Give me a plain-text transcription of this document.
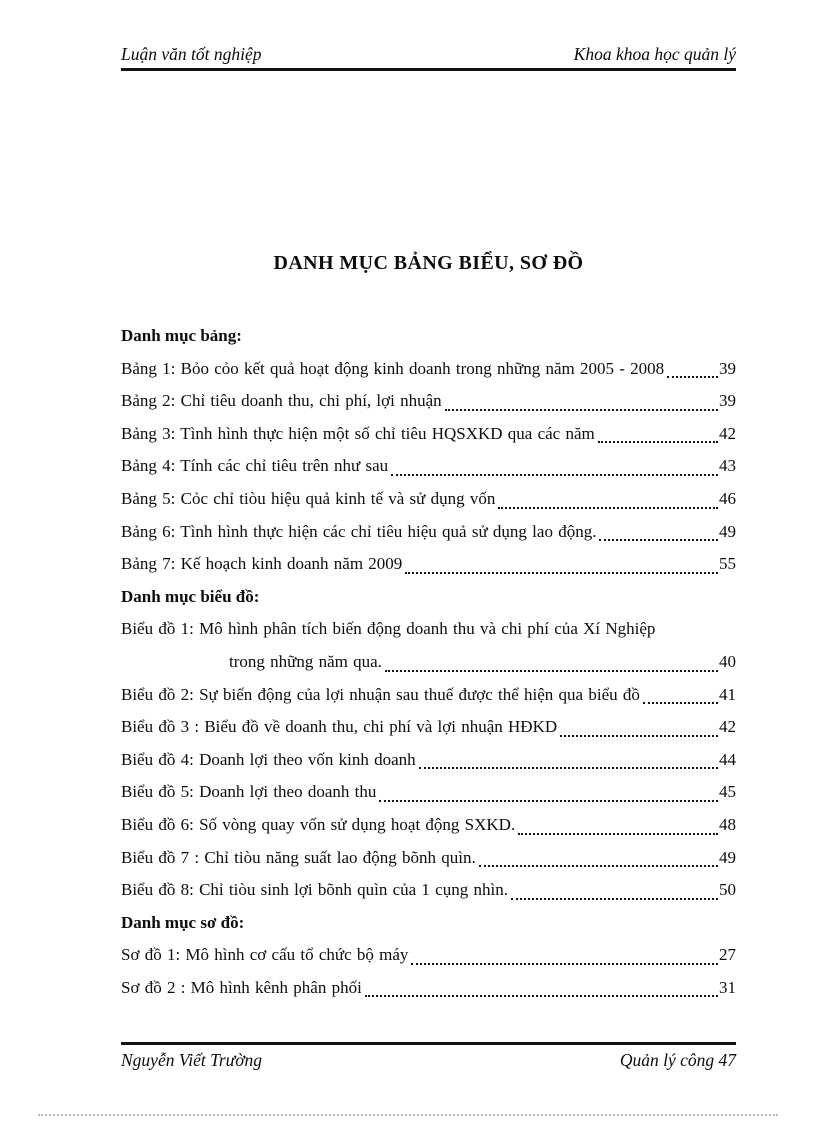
Luận văn tốt nghiệp	Khoa khoa học quản lý
DANH MỤC BẢNG BIỂU, SƠ ĐỒ
Danh mục bảng:
Bảng 1: Bỏo cỏo kết quả hoạt động kinh doanh trong những năm 2005 - 2008	39
Bảng 2: Chỉ tiêu doanh thu, chi phí, lợi nhuận	39
Bảng 3: Tình hình thực hiện một số chỉ tiêu HQSXKD qua các năm	42
Bảng 4: Tính các chỉ tiêu trên như sau	43
Bảng 5: Cỏc chỉ tiòu hiệu quả kinh tế và sử dụng vốn	46
Bảng 6: Tình hình thực hiện các chỉ tiêu hiệu quả sử dụng lao động.	49
Bảng 7: Kế hoạch kinh doanh năm 2009	55
Danh mục biểu đồ:
Biểu đồ 1: Mô hình phân tích biến động doanh thu và chi phí của Xí Nghiệp
trong những năm qua.	40
Biểu đồ 2: Sự biến động của lợi nhuận sau thuế được thể hiện qua biểu đồ	41
Biểu đồ 3 : Biểu đồ về doanh thu, chi phí và lợi nhuận HĐKD	42
Biểu đồ 4: Doanh lợi theo vốn kinh doanh	44
Biểu đồ 5: Doanh lợi theo doanh thu	45
Biểu đồ 6: Số vòng quay vốn sử dụng hoạt động SXKD.	48
Biểu đồ 7 : Chỉ tiòu năng suất lao động bõnh quìn.	49
Biểu đồ 8: Chỉ tiòu sinh lợi bõnh quìn của 1 cụng nhìn.	50
Danh mục sơ đồ:
Sơ đồ 1: Mô hình cơ cấu tổ chức bộ máy	27
Sơ đồ 2 : Mô hình kênh phân phối	31
Nguyễn Viết Trường	Quản lý công 47
